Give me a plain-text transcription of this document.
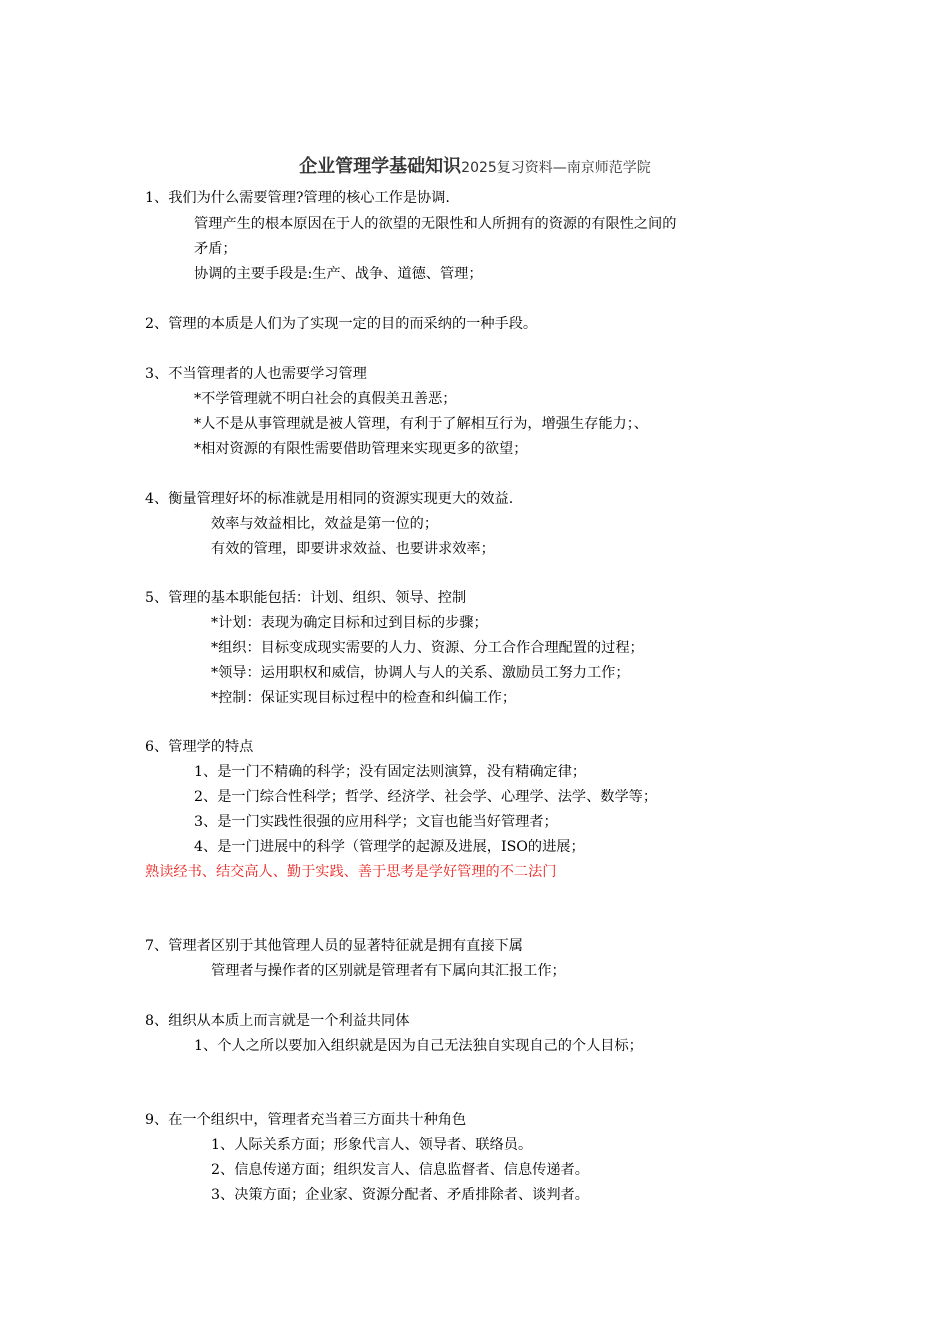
企业管理学基础知识2025复习资料—南京师范学院
1、我们为什么需要管理?管理的核心工作是协调.
管理产生的根本原因在于人的欲望的无限性和人所拥有的资源的有限性之间的
矛盾；
协调的主要手段是:生产、战争、道德、管理；
2、管理的本质是人们为了实现一定的目的而采纳的一种手段。
3、不当管理者的人也需要学习管理
*不学管理就不明白社会的真假美丑善恶；
*人不是从事管理就是被人管理，有利于了解相互行为，增强生存能力；、
*相对资源的有限性需要借助管理来实现更多的欲望；
4、衡量管理好坏的标准就是用相同的资源实现更大的效益.
效率与效益相比，效益是第一位的；
有效的管理，即要讲求效益、也要讲求效率；
5、管理的基本职能包括：计划、组织、领导、控制
*计划：表现为确定目标和过到目标的步骤；
*组织：目标变成现实需要的人力、资源、分工合作合理配置的过程；
*领导：运用职权和威信，协调人与人的关系、激励员工努力工作；
*控制：保证实现目标过程中的检查和纠偏工作；
6、管理学的特点
1、是一门不精确的科学；没有固定法则演算，没有精确定律；
2、是一门综合性科学；哲学、经济学、社会学、心理学、法学、数学等；
3、是一门实践性很强的应用科学；文盲也能当好管理者；
4、是一门进展中的科学（管理学的起源及进展，ISO的进展；
熟读经书、结交高人、勤于实践、善于思考是学好管理的不二法门
7、管理者区别于其他管理人员的显著特征就是拥有直接下属
管理者与操作者的区别就是管理者有下属向其汇报工作；
8、组织从本质上而言就是一个利益共同体
1、个人之所以要加入组织就是因为自己无法独自实现自己的个人目标；
9、在一个组织中，管理者充当着三方面共十种角色
1、人际关系方面；形象代言人、领导者、联络员。
2、信息传递方面；组织发言人、信息监督者、信息传递者。
3、决策方面；企业家、资源分配者、矛盾排除者、谈判者。
